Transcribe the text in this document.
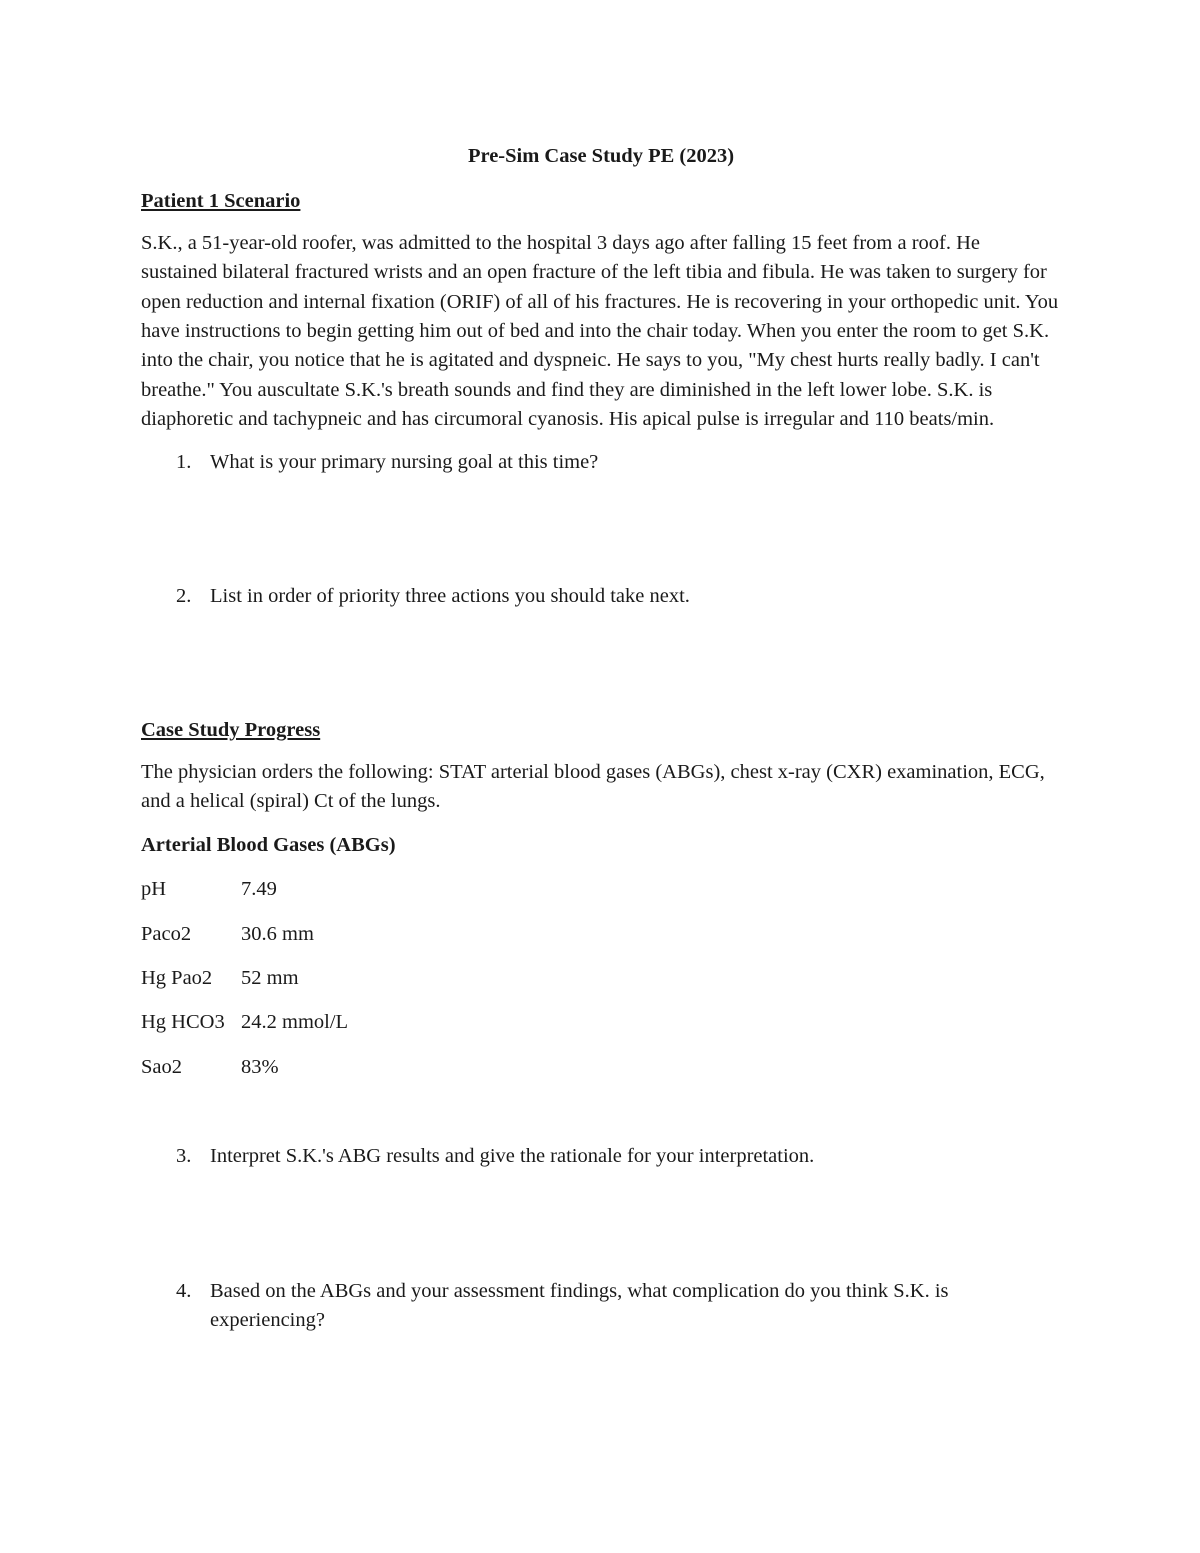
Pre-Sim Case Study PE (2023)
Patient 1 Scenario

S.K., a 51-year-old roofer, was admitted to the hospital 3 days ago after falling 15 feet from a roof. He sustained bilateral fractured wrists and an open fracture of the left tibia and fibula. He was taken to surgery for open reduction and internal fixation (ORIF) of all of his fractures. He is recovering in your orthopedic unit. You have instructions to begin getting him out of bed and into the chair today. When you enter the room to get S.K. into the chair, you notice that he is agitated and dyspneic. He says to you, "My chest hurts really badly. I can't breathe." You auscultate S.K.'s breath sounds and find they are diminished in the left lower lobe. S.K. is diaphoretic and tachypneic and has circumoral cyanosis. His apical pulse is irregular and 110 beats/min.

1. What is your primary nursing goal at this time?
2. List in order of priority three actions you should take next.
Case Study Progress

The physician orders the following: STAT arterial blood gases (ABGs), chest x-ray (CXR) examination, ECG, and a helical (spiral) Ct of the lungs.

Arterial Blood Gases (ABGs)
pH	7.49
Paco2	30.6 mm
Hg Pao2	52 mm
Hg HCO3 24.2 mmol/L
Sao2	83%
3. Interpret S.K.'s ABG results and give the rationale for your interpretation.
4. Based on the ABGs and your assessment findings, what complication do you think S.K. is experiencing?
